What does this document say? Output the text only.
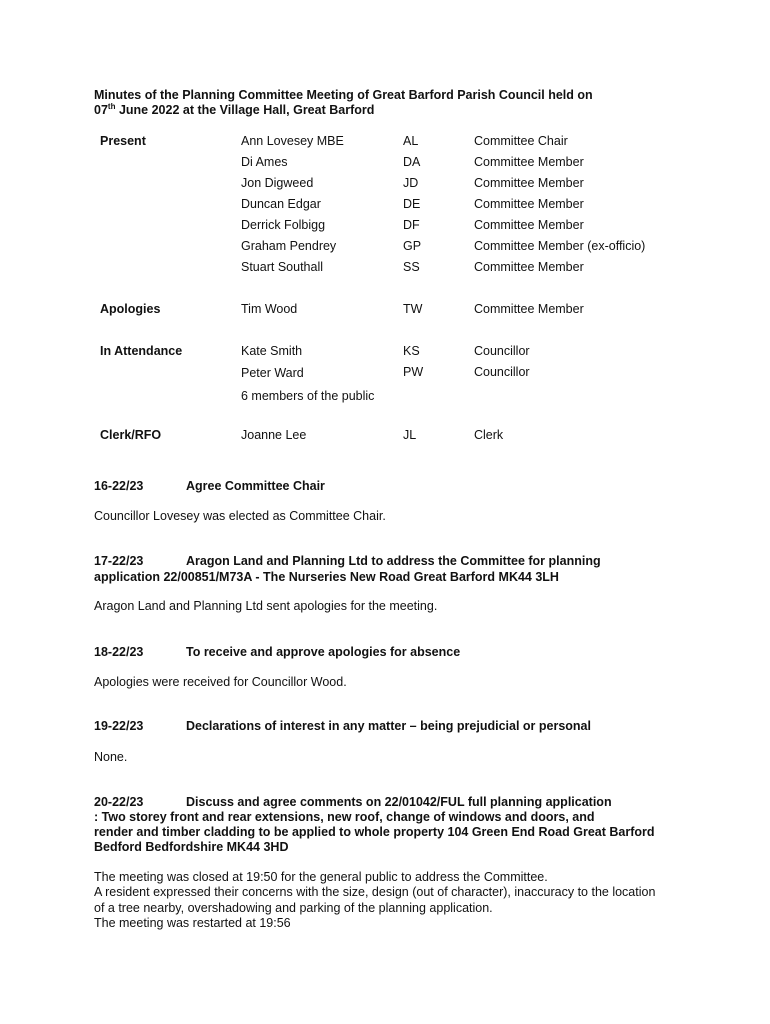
Minutes of the Planning Committee Meeting of Great Barford Parish Council held on
07th June 2022 at the Village Hall, Great Barford
Present	Ann Lovesey MBE	AL	Committee Chair
Di Ames	DA	Committee Member
Jon Digweed	JD	Committee Member
Duncan Edgar	DE	Committee Member
Derrick Folbigg	DF	Committee Member
Graham Pendrey	GP	Committee Member (ex-officio)
Stuart Southall	SS	Committee Member
Apologies	Tim Wood	TW	Committee Member
In Attendance	Kate Smith	KS	Councillor
Peter Ward	PW	Councillor
6 members of the public
Clerk/RFO	Joanne Lee	JL	Clerk
16-22/23	Agree Committee Chair
Councillor Lovesey was elected as Committee Chair.
17-22/23	Aragon Land and Planning Ltd to address the Committee for planning
application 22/00851/M73A - The Nurseries New Road Great Barford MK44 3LH
Aragon Land and Planning Ltd sent apologies for the meeting.
18-22/23	To receive and approve apologies for absence
Apologies were received for Councillor Wood.
19-22/23	Declarations of interest in any matter – being prejudicial or personal
None.
20-22/23	Discuss and agree comments on 22/01042/FUL full planning application
: Two storey front and rear extensions, new roof, change of windows and doors, and
render and timber cladding to be applied to whole property 104 Green End Road Great Barford
Bedford Bedfordshire MK44 3HD
The meeting was closed at 19:50 for the general public to address the Committee.
A resident expressed their concerns with the size, design (out of character), inaccuracy to the location
of a tree nearby, overshadowing and parking of the planning application.
The meeting was restarted at 19:56
